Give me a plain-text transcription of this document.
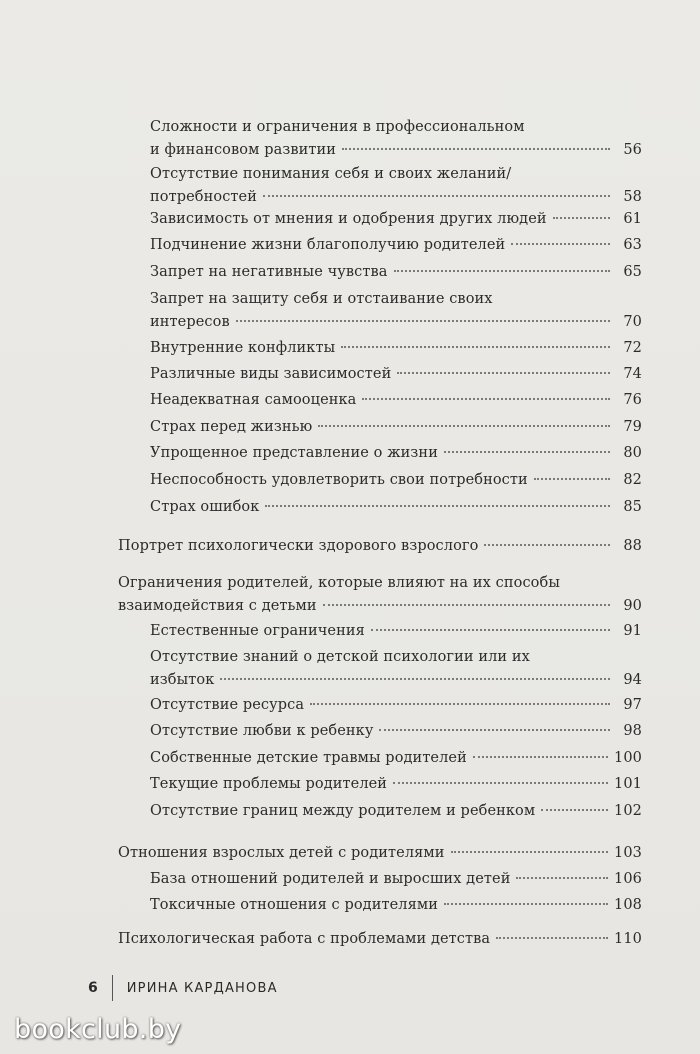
Сложности и ограничения в профессиональном
и финансовом развитии	56
Отсутствие понимания себя и своих желаний/
потребностей	58
Зависимость от мнения и одобрения других людей	61
Подчинение жизни благополучию родителей	63
Запрет на негативные чувства	65
Запрет на защиту себя и отстаивание своих
интересов	70
Внутренние конфликты	72
Различные виды зависимостей	74
Неадекватная самооценка	76
Страх перед жизнью	79
Упрощенное представление о жизни	80
Неспособность удовлетворить свои потребности	82
Страх ошибок	85
Портрет психологически здорового взрослого	88
Ограничения родителей, которые влияют на их способы
взаимодействия с детьми	90
Естественные ограничения	91
Отсутствие знаний о детской психологии или их
избыток	94
Отсутствие ресурса	97
Отсутствие любви к ребенку	98
Собственные детские травмы родителей	100
Текущие проблемы родителей	101
Отсутствие границ между родителем и ребенком	102
Отношения взрослых детей с родителями	103
База отношений родителей и выросших детей	106
Токсичные отношения с родителями	108
Психологическая работа с проблемами детства	110
6 ИРИНА КАРДАНОВА
bookclub.by
